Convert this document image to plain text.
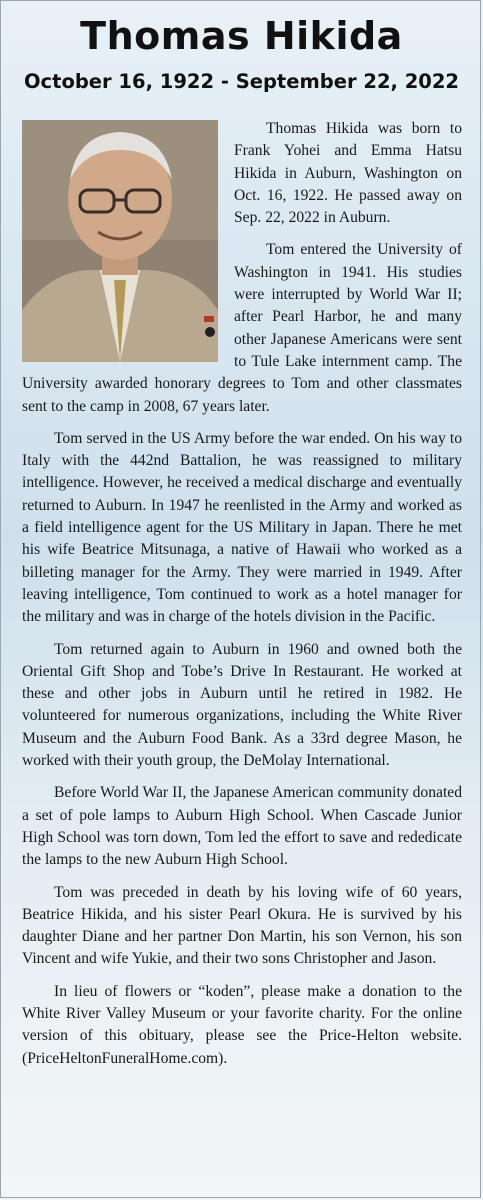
Thomas Hikida
October 16, 1922 - September 22, 2022

Thomas Hikida was born to Frank Yohei and Emma Hatsu Hikida in Auburn, Washington on Oct. 16, 1922. He passed away on Sep. 22, 2022 in Auburn.

Tom entered the University of Washington in 1941. His studies were interrupted by World War II; after Pearl Harbor, he and many other Japanese Americans were sent to Tule Lake internment camp. The University awarded honorary degrees to Tom and other classmates sent to the camp in 2008, 67 years later.

Tom served in the US Army before the war ended. On his way to Italy with the 442nd Battalion, he was reassigned to military intelligence. However, he received a medical discharge and eventually returned to Auburn. In 1947 he reenlisted in the Army and worked as a field intelligence agent for the US Military in Japan. There he met his wife Beatrice Mitsunaga, a native of Hawaii who worked as a billeting manager for the Army. They were married in 1949. After leaving intelligence, Tom continued to work as a hotel manager for the military and was in charge of the hotels division in the Pacific.

Tom returned again to Auburn in 1960 and owned both the Oriental Gift Shop and Tobe’s Drive In Restaurant. He worked at these and other jobs in Auburn until he retired in 1982. He volunteered for numerous organizations, including the White River Museum and the Auburn Food Bank. As a 33rd degree Mason, he worked with their youth group, the DeMolay International.

Before World War II, the Japanese American community donated a set of pole lamps to Auburn High School. When Cascade Junior High School was torn down, Tom led the effort to save and rededicate the lamps to the new Auburn High School.

Tom was preceded in death by his loving wife of 60 years, Beatrice Hikida, and his sister Pearl Okura. He is survived by his daughter Diane and her partner Don Martin, his son Vernon, his son Vincent and wife Yukie, and their two sons Christopher and Jason.

In lieu of flowers or “koden”, please make a donation to the White River Valley Museum or your favorite charity. For the online version of this obituary, please see the Price-Helton website. (PriceHeltonFuneralHome.com).
